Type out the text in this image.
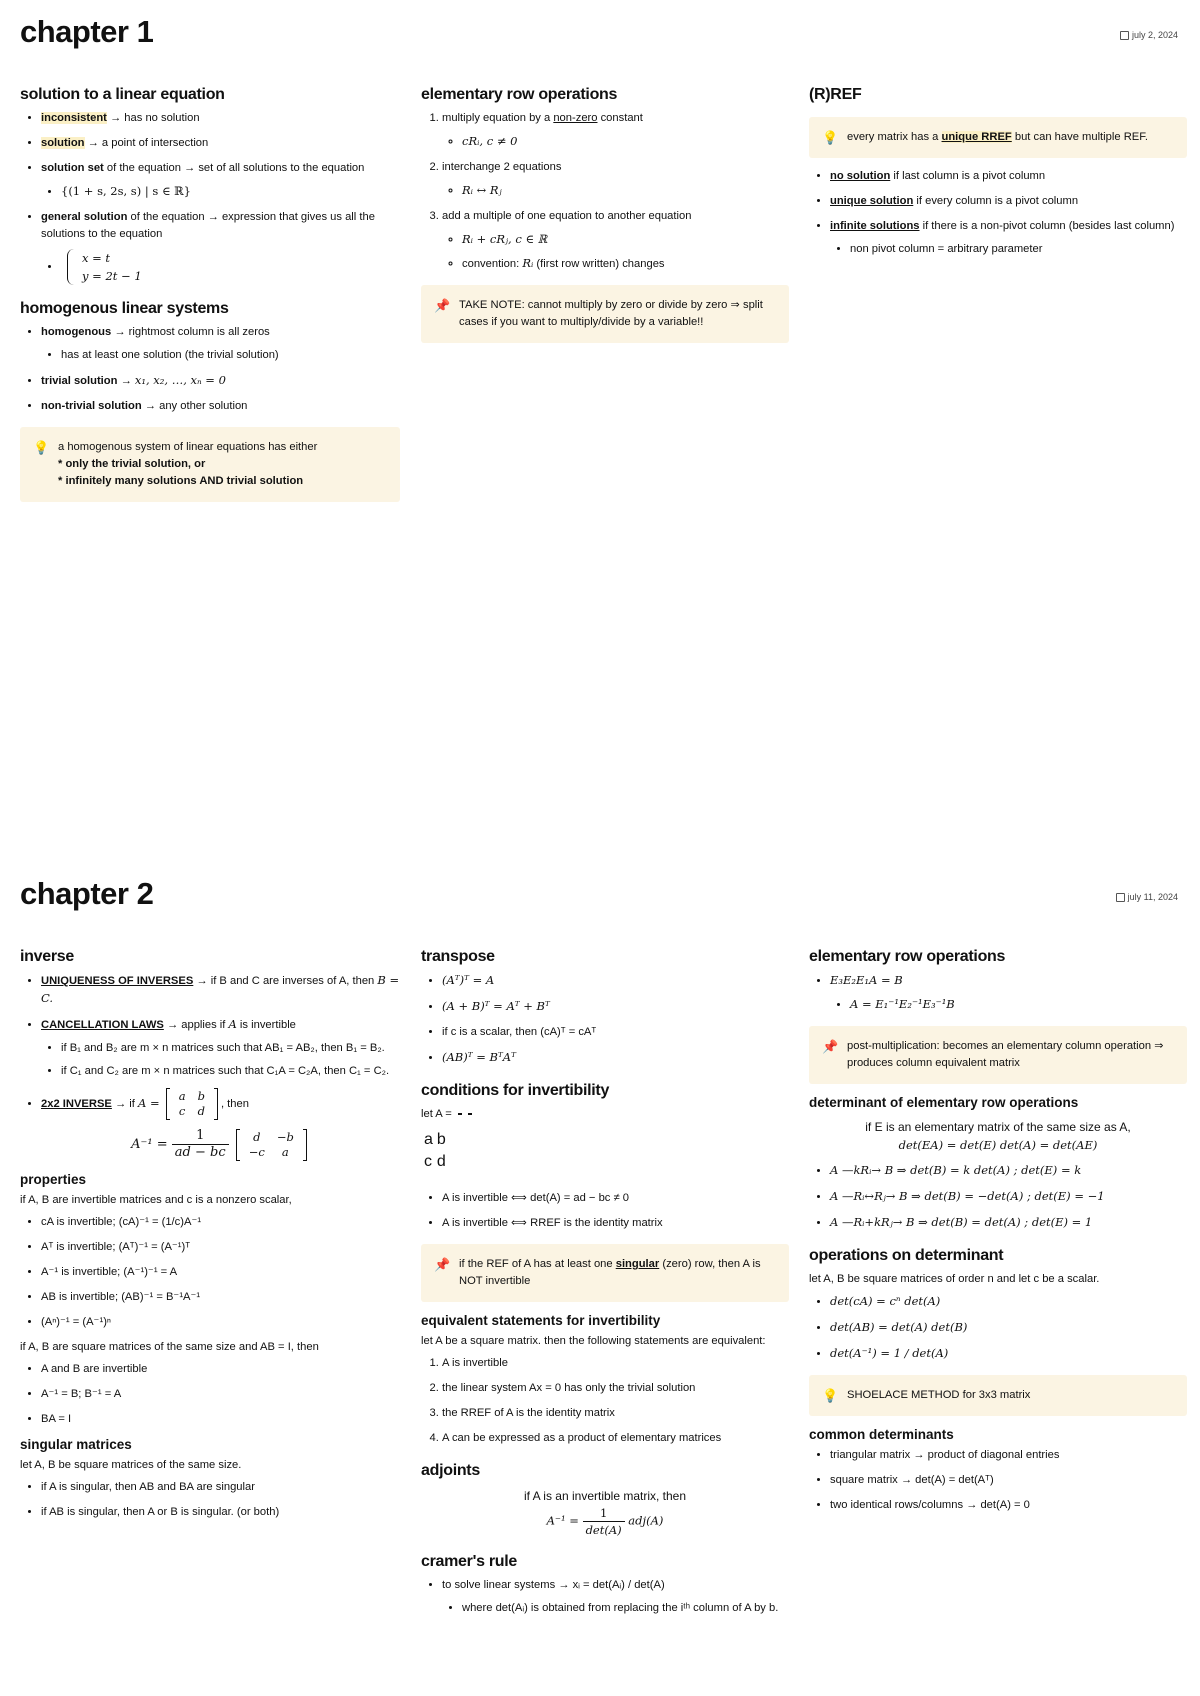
chapter 1	july 2, 2024
solution to a linear equation
• inconsistent → has no solution
• solution → a point of intersection
• solution set of the equation → set of all solutions to the equation
• {(1 + s, 2s, s) | s ∈ ℝ}
• general solution of the equation → expression that gives us all the solutions to the equation
• x = t
y = 2t − 1
homogenous linear systems
• homogenous → rightmost column is all zeros
• has at least one solution (the trivial solution)
• trivial solution → x₁, x₂, …, xₙ = 0
• non-trivial solution → any other solution
💡 a homogenous system of linear equations has either
* only the trivial solution, or
* infinitely many solutions AND trivial solution
elementary row operations
1. multiply equation by a non-zero constant
◦ cRᵢ, c ≠ 0
2. interchange 2 equations
◦ Rᵢ ↔ Rⱼ
3. add a multiple of one equation to another equation
◦ Rᵢ + cRⱼ, c ∈ ℝ
◦ convention: Rᵢ (first row written) changes
📌 TAKE NOTE: cannot multiply by zero or divide by zero ⇒ split cases if you want to multiply/divide by a variable!!
(R)REF
💡 every matrix has a unique RREF but can have multiple REF.
• no solution if last column is a pivot column
• unique solution if every column is a pivot column
• infinite solutions if there is a non-pivot column (besides last column)
• non pivot column = arbitrary parameter
chapter 2	july 11, 2024
inverse
• UNIQUENESS OF INVERSES → if B and C are inverses of A, then B = C.
• CANCELLATION LAWS → applies if A is invertible
• if B₁ and B₂ are m × n matrices such that AB₁ = AB₂, then B₁ = B₂.
• if C₁ and C₂ are m × n matrices such that C₁A = C₂A, then C₁ = C₂.
• 2x2 INVERSE → if A = a	b
c	d
, then
$A^{-1} = \frac{1}{ad - bc}$
d	−b
−c	a
properties

if A, B are invertible matrices and c is a nonzero scalar,

• cA is invertible; (cA)⁻¹ = (1/c)A⁻¹
• Aᵀ is invertible; (Aᵀ)⁻¹ = (A⁻¹)ᵀ
• A⁻¹ is invertible; (A⁻¹)⁻¹ = A
• AB is invertible; (AB)⁻¹ = B⁻¹A⁻¹
• (Aⁿ)⁻¹ = (A⁻¹)ⁿ

if A, B are square matrices of the same size and AB = I, then

• A and B are invertible
• A⁻¹ = B; B⁻¹ = A
• BA = I
singular matrices

let A, B be square matrices of the same size.

• if A is singular, then AB and BA are singular
• if AB is singular, then A or B is singular. (or both)
transpose
• (Aᵀ)ᵀ = A
• (A + B)ᵀ = Aᵀ + Bᵀ
• if c is a scalar, then (cA)ᵀ = cAᵀ
• (AB)ᵀ = BᵀAᵀ
conditions for invertibility

let A =

a	b
c	d

• A is invertible ⟺ det(A) = ad − bc ≠ 0
• A is invertible ⟺ RREF is the identity matrix
📌 if the REF of A has at least one singular (zero) row, then A is NOT invertible
equivalent statements for invertibility

let A be a square matrix. then the following statements are equivalent:

1. A is invertible
2. the linear system Ax = 0 has only the trivial solution
3. the RREF of A is the identity matrix
4. A can be expressed as a product of elementary matrices
adjoints
if A is an invertible matrix, then
$A^{-1} = \frac{1}{\det(A)} adj(A)$
cramer's rule
• to solve linear systems → xᵢ = det(Aᵢ) / det(A)
• where det(Aᵢ) is obtained from replacing the iᵗʰ column of A by b.
elementary row operations
• E₃E₂E₁A = B
• A = E₁⁻¹E₂⁻¹E₃⁻¹B
📌 post-multiplication: becomes an elementary column operation ⇒ produces column equivalent matrix
determinant of elementary row operations
if E is an elementary matrix of the same size as A,
det(EA) = det(E) det(A) = det(AE)
• A —kRᵢ→ B ⇒ det(B) = k det(A) ; det(E) = k
• A —Rᵢ↔Rⱼ→ B ⇒ det(B) = −det(A) ; det(E) = −1
• A —Rᵢ+kRⱼ→ B ⇒ det(B) = det(A) ; det(E) = 1
operations on determinant

let A, B be square matrices of order n and let c be a scalar.

• det(cA) = cⁿ det(A)
• det(AB) = det(A) det(B)
• det(A⁻¹) = 1 / det(A)
💡 SHOELACE METHOD for 3x3 matrix
common determinants
• triangular matrix → product of diagonal entries
• square matrix → det(A) = det(Aᵀ)
• two identical rows/columns → det(A) = 0
